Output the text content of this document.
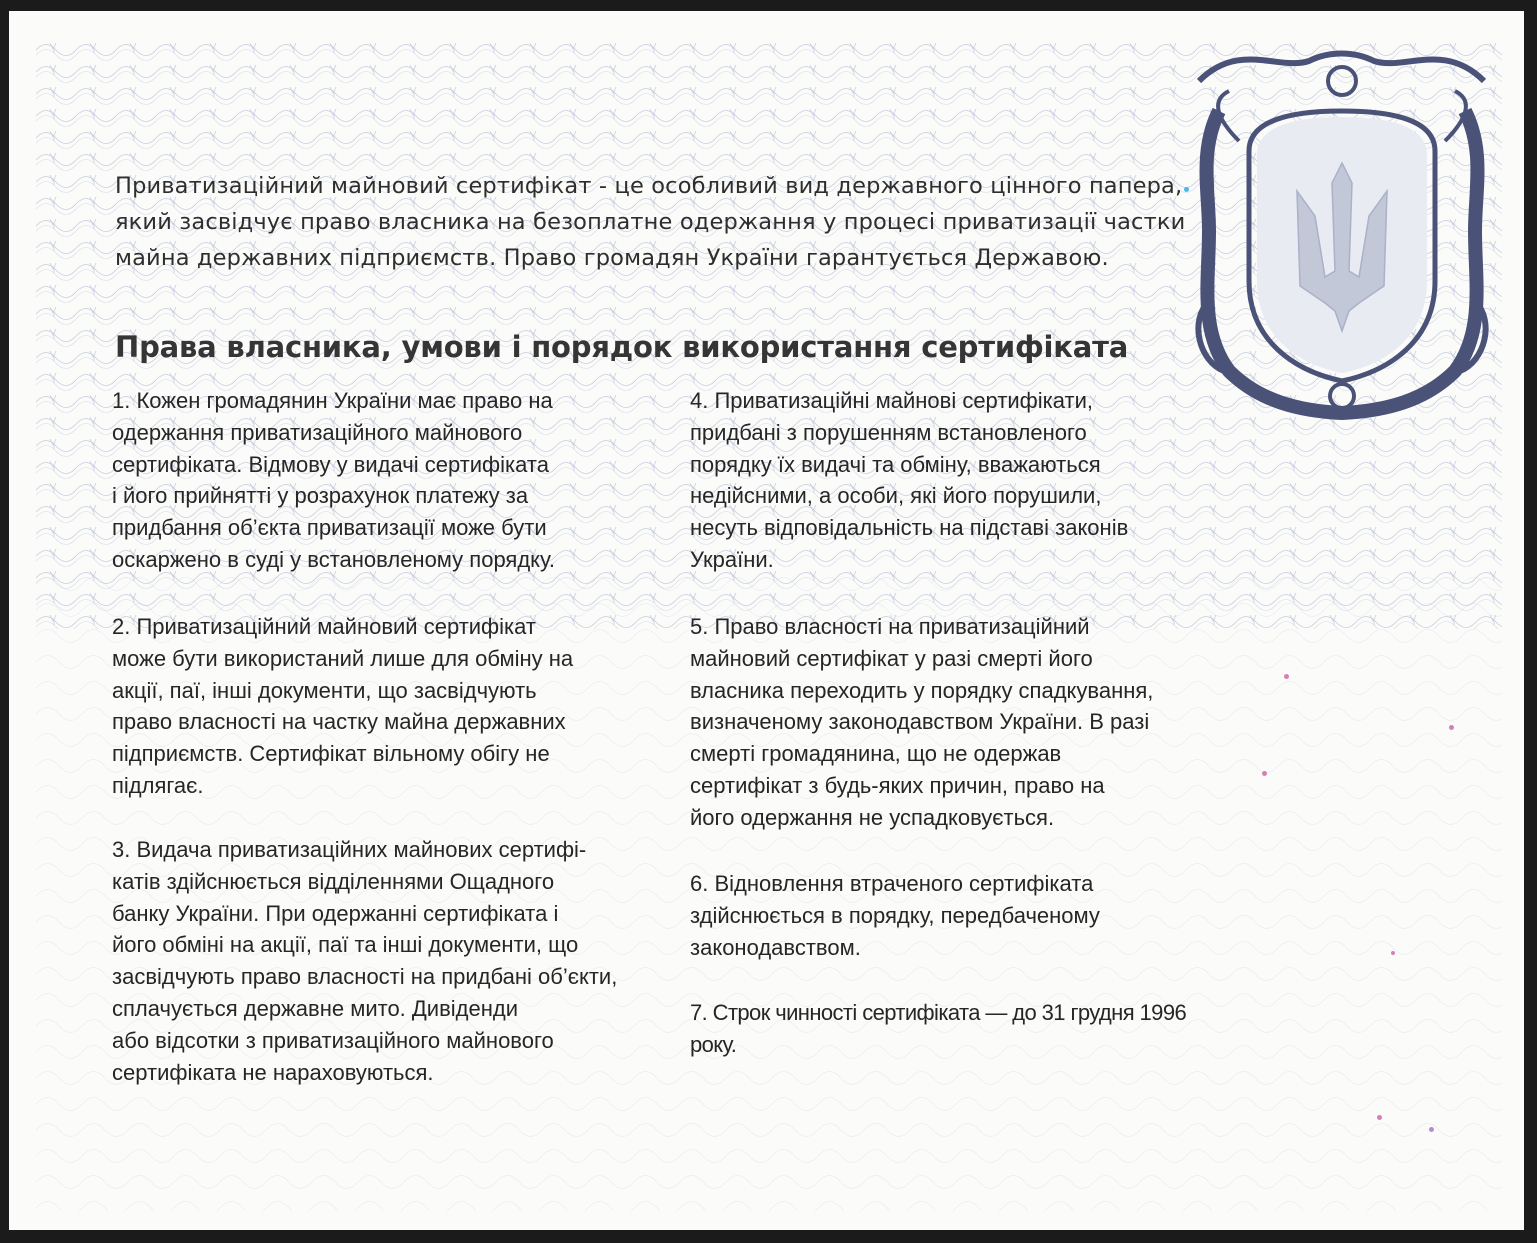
Приватизаційний майновий сертифікат - це особливий вид державного цінного папера, який засвідчує право власника на безоплатне одержання у процесі приватизації частки майна державних підприємств. Право громадян України гарантується Державою.
Права власника, умови і порядок використання сертифіката

1. Кожен громадянин України має право на
одержання приватизаційного майнового
сертифіката. Відмову у видачі сертифіката
і його прийнятті у розрахунок платежу за
придбання об’єкта приватизації може бути
оскаржено в суді у встановленому порядку.

2. Приватизаційний майновий сертифікат
може бути використаний лише для обміну на
акції, паї, інші документи, що засвідчують
право власності на частку майна державних
підприємств. Сертифікат вільному обігу не
підлягає.

3. Видача приватизаційних майнових сертифі-
катів здійснюється відділеннями Ощадного
банку України. При одержанні сертифіката і
його обміні на акції, паї та інші документи, що
засвідчують право власності на придбані об’єкти,
сплачується державне мито. Дивіденди
або відсотки з приватизаційного майнового
сертифіката не нараховуються.

4. Приватизаційні майнові сертифікати,
придбані з порушенням встановленого
порядку їх видачі та обміну, вважаються
недійсними, а особи, які його порушили,
несуть відповідальність на підставі законів
України.

5. Право власності на приватизаційний
майновий сертифікат у разі смерті його
власника переходить у порядку спадкування,
визначеному законодавством України. В разі
смерті громадянина, що не одержав
сертифікат з будь-яких причин, право на
його одержання не успадковується.

6. Відновлення втраченого сертифіката
здійснюється в порядку, передбаченому
законодавством.

7. Строк чинності сертифіката — до 31 грудня 1996
року.
